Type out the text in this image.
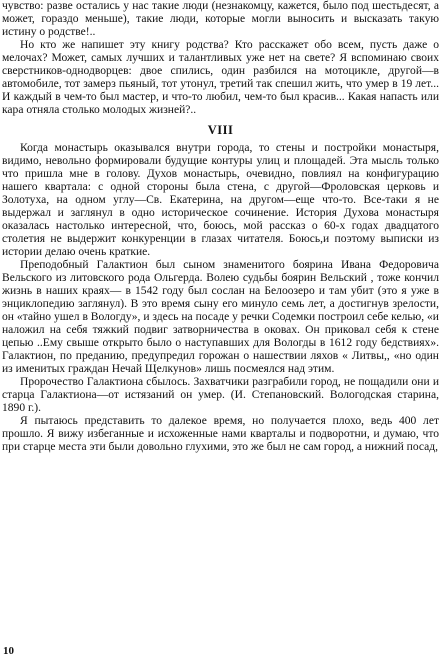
чувство: разве остались у нас такие люди (незнакомцу, кажется, было под шестьдесят, а может, гораздо меньше), такие люди, которые могли выносить и высказать такую истину о родстве!..

Но кто же напишет эту книгу родства? Кто расскажет обо всем, пусть даже о мелочах? Может, самых лучших и талантливых уже нет на свете? Я вспоминаю своих сверстников-однодворцев: двое спились, один разбился на мотоцикле, другой—в автомобиле, тот замерз пьяный, тот утонул, третий так спешил жить, что умер в 19 лет... И каждый в чем-то был мастер, и что-то любил, чем-то был красив... Какая напасть или кара отняла столько молодых жизней?..

VIII

Когда монастырь оказывался внутри города, то стены и постройки монастыря, видимо, невольно формировали будущие контуры улиц и площадей. Эта мысль только что пришла мне в голову. Духов монастырь, очевидно, повлиял на конфигурацию нашего квартала: с одной стороны была стена, с другой—Фроловская церковь и Золотуха, на одном углу—Св. Екатерина, на другом—еще что-то. Все-таки я не выдержал и заглянул в одно историческое сочинение. История Духова монастыря оказалась настолько интересной, что, боюсь, мой рассказ о 60-х годах двадцатого столетия не выдержит конкуренции в глазах читателя. Боюсь,и поэтому выписки из истории делаю очень краткие.

Преподобный Галактион был сыном знаменитого боярина Ивана Федоровича Вельского из литовского рода Ольгерда. Волею судьбы боярин Вельский , тоже кончил жизнь в наших краях— в 1542 году был сослан на Белоозеро и там убит (это я уже в энциклопедию заглянул). В это время сыну его минуло семь лет, а достигнув зрелости, он «тайно ушел в Вологду», и здесь на посаде у речки Содемки построил себе келью, «и наложил на себя тяжкий подвиг затворничества в оковах. Он приковал себя к стене цепью ..Ему свыше открыто было о наступавших для Вологды в 1612 году бедствиях». Галактион, по преданию, предупредил горожан о нашествии ляхов « Литвы,, «но один из именитых граждан Нечай Щелкунов» лишь посмеялся над этим.

Пророчество Галактиона сбылось. Захватчики разграбили город, не пощадили они и старца Галактиона—от истязаний он умер. (И. Степановский. Вологодская старина, 1890 г.).

Я пытаюсь представить то далекое время, но получается плохо, ведь 400 лет прошло. Я вижу избеганные и исхоженные нами кварталы и подворотни, и думаю, что при старце места эти были довольно глухими, это же был не сам город, а нижний посад,

10
